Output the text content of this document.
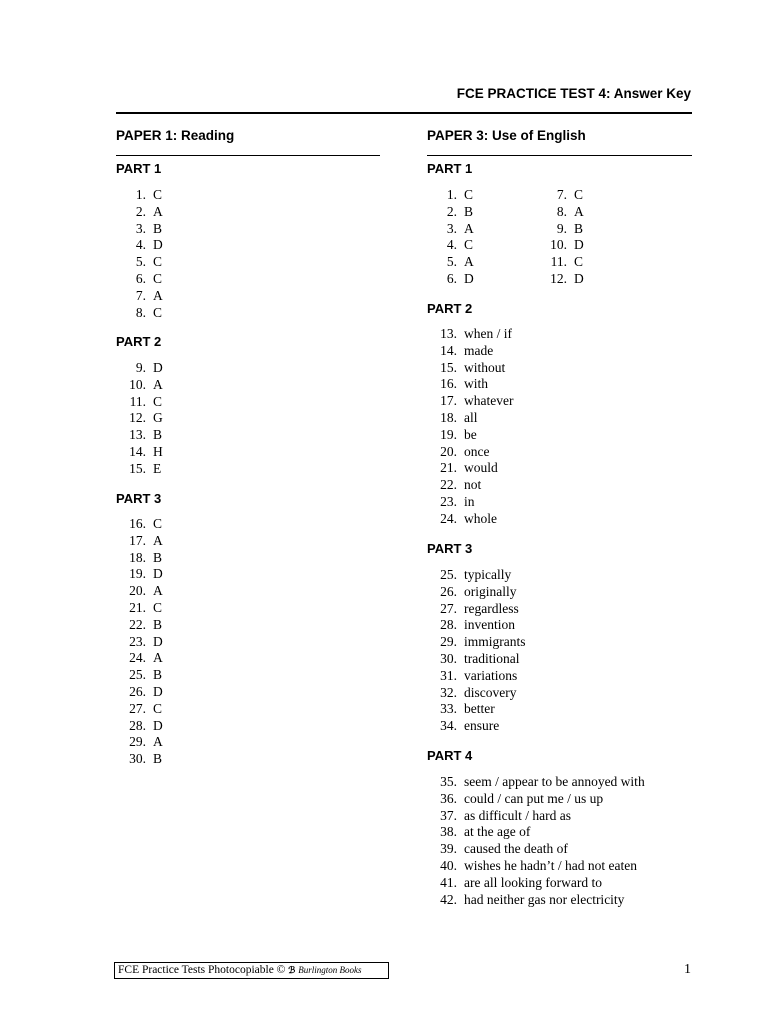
FCE PRACTICE TEST 4: Answer Key
PAPER 1: Reading
PART 1
1. C
2. A
3. B
4. D
5. C
6. C
7. A
8. C
PART 2
9. D
10. A
11. C
12. G
13. B
14. H
15. E
PART 3
16. C
17. A
18. B
19. D
20. A
21. C
22. B
23. D
24. A
25. B
26. D
27. C
28. D
29. A
30. B
PAPER 3: Use of English
PART 1
1. C
2. B
3. A
4. C
5. A
6. D
7. C
8. A
9. B
10. D
11. C
12. D
PART 2
13. when / if
14. made
15. without
16. with
17. whatever
18. all
19. be
20. once
21. would
22. not
23. in
24. whole
PART 3
25. typically
26. originally
27. regardless
28. invention
29. immigrants
30. traditional
31. variations
32. discovery
33. better
34. ensure
PART 4
35. seem / appear to be annoyed with
36. could / can put me / us up
37. as difficult / hard as
38. at the age of
39. caused the death of
40. wishes he hadn’t / had not eaten
41. are all looking forward to
42. had neither gas nor electricity
FCE Practice Tests Photocopiable © ℬ Burlington Books	1
